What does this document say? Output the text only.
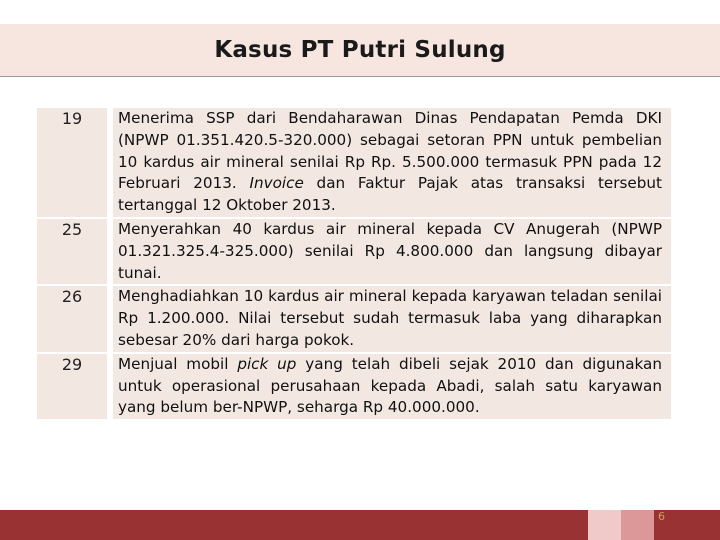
Kasus PT Putri Sulung
19	Menerima SSP dari Bendaharawan Dinas Pendapatan Pemda DKI (NPWP 01.351.420.5-320.000) sebagai setoran PPN untuk pembelian 10 kardus air mineral senilai Rp Rp. 5.500.000 termasuk PPN pada 12 Februari 2013. Invoice dan Faktur Pajak atas transaksi tersebut tertanggal 12 Oktober 2013.
25	Menyerahkan 40 kardus air mineral kepada CV Anugerah (NPWP 01.321.325.4-325.000) senilai Rp 4.800.000 dan langsung dibayar tunai.
26	Menghadiahkan 10 kardus air mineral kepada karyawan teladan senilai Rp 1.200.000. Nilai tersebut sudah termasuk laba yang diharapkan sebesar 20% dari harga pokok.
29	Menjual mobil pick up yang telah dibeli sejak 2010 dan digunakan untuk operasional perusahaan kepada Abadi, salah satu karyawan yang belum ber-NPWP, seharga Rp 40.000.000.
6
